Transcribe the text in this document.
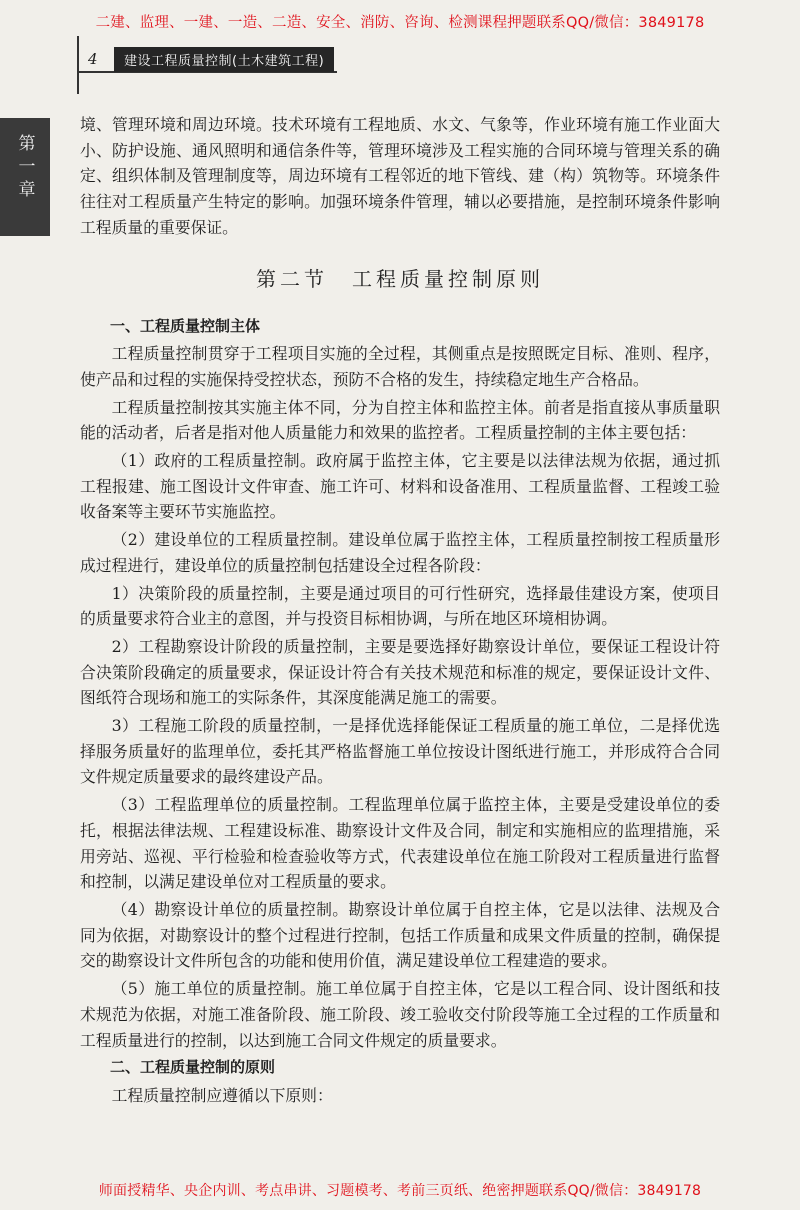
二建、监理、一建、一造、二造、安全、消防、咨询、检测课程押题联系QQ/微信：3849178
4	建设工程质量控制(土木建筑工程)
第一章

境、管理环境和周边环境。技术环境有工程地质、水文、气象等，作业环境有施工作业面大小、防护设施、通风照明和通信条件等，管理环境涉及工程实施的合同环境与管理关系的确定、组织体制及管理制度等，周边环境有工程邻近的地下管线、建（构）筑物等。环境条件往往对工程质量产生特定的影响。加强环境条件管理，辅以必要措施，是控制环境条件影响工程质量的重要保证。

第二节　工程质量控制原则
一、工程质量控制主体

工程质量控制贯穿于工程项目实施的全过程，其侧重点是按照既定目标、准则、程序，使产品和过程的实施保持受控状态，预防不合格的发生，持续稳定地生产合格品。

工程质量控制按其实施主体不同，分为自控主体和监控主体。前者是指直接从事质量职能的活动者，后者是指对他人质量能力和效果的监控者。工程质量控制的主体主要包括：

（1）政府的工程质量控制。政府属于监控主体，它主要是以法律法规为依据，通过抓工程报建、施工图设计文件审查、施工许可、材料和设备准用、工程质量监督、工程竣工验收备案等主要环节实施监控。

（2）建设单位的工程质量控制。建设单位属于监控主体，工程质量控制按工程质量形成过程进行，建设单位的质量控制包括建设全过程各阶段：

1）决策阶段的质量控制，主要是通过项目的可行性研究，选择最佳建设方案，使项目的质量要求符合业主的意图，并与投资目标相协调，与所在地区环境相协调。

2）工程勘察设计阶段的质量控制，主要是要选择好勘察设计单位，要保证工程设计符合决策阶段确定的质量要求，保证设计符合有关技术规范和标准的规定，要保证设计文件、图纸符合现场和施工的实际条件，其深度能满足施工的需要。

3）工程施工阶段的质量控制，一是择优选择能保证工程质量的施工单位，二是择优选择服务质量好的监理单位，委托其严格监督施工单位按设计图纸进行施工，并形成符合合同文件规定质量要求的最终建设产品。

（3）工程监理单位的质量控制。工程监理单位属于监控主体，主要是受建设单位的委托，根据法律法规、工程建设标准、勘察设计文件及合同，制定和实施相应的监理措施，采用旁站、巡视、平行检验和检查验收等方式，代表建设单位在施工阶段对工程质量进行监督和控制，以满足建设单位对工程质量的要求。

（4）勘察设计单位的质量控制。勘察设计单位属于自控主体，它是以法律、法规及合同为依据，对勘察设计的整个过程进行控制，包括工作质量和成果文件质量的控制，确保提交的勘察设计文件所包含的功能和使用价值，满足建设单位工程建造的要求。

（5）施工单位的质量控制。施工单位属于自控主体，它是以工程合同、设计图纸和技术规范为依据，对施工准备阶段、施工阶段、竣工验收交付阶段等施工全过程的工作质量和工程质量进行的控制，以达到施工合同文件规定的质量要求。

二、工程质量控制的原则

工程质量控制应遵循以下原则：

师面授精华、央企内训、考点串讲、习题模考、考前三页纸、绝密押题联系QQ/微信：3849178
